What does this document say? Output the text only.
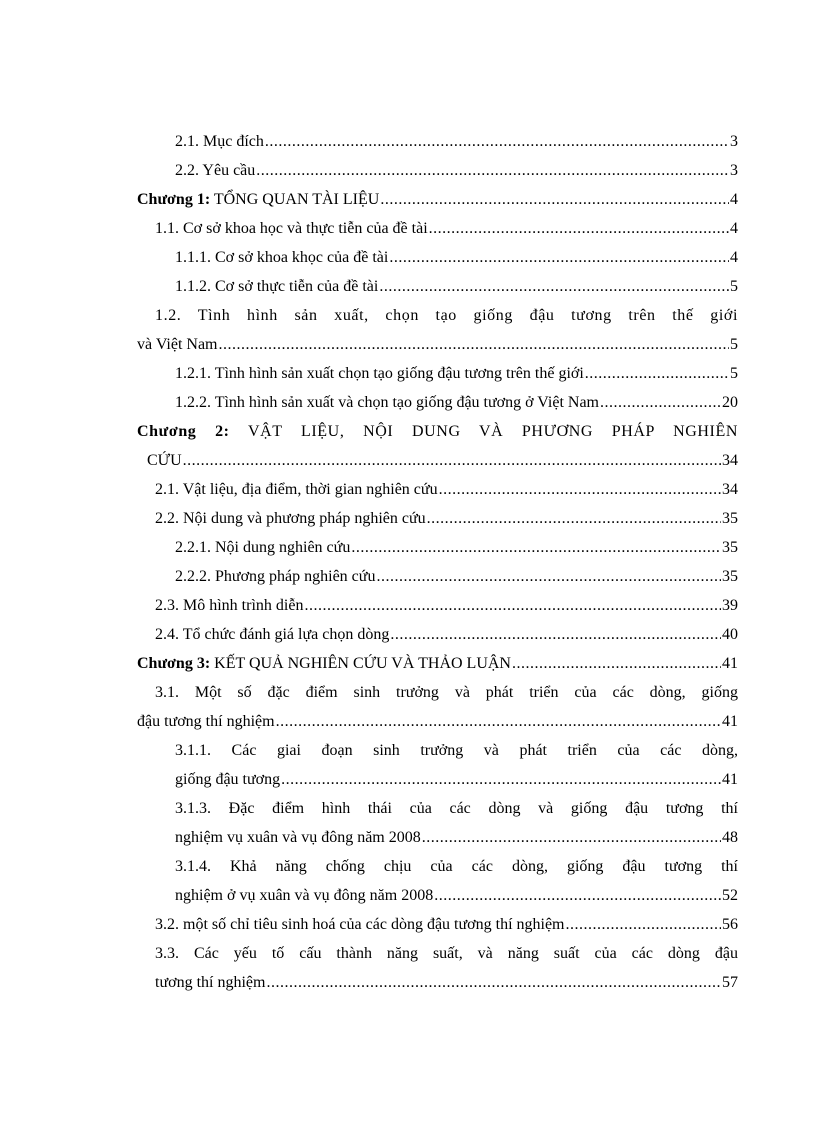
2.1. Mục đích .....	3
2.2. Yêu cầu .....	3
Chương 1: TỔNG QUAN TÀI LIỆU .....	4
1.1. Cơ sở khoa học và thực tiễn của đề tài .....	4
1.1.1. Cơ sở khoa khọc của đề tài .....	4
1.1.2. Cơ sở thực tiễn của đề tài .....	5
1.2. Tình hình sản xuất, chọn tạo giống đậu tương trên thế giới
và Việt Nam .....	5
1.2.1. Tình hình sản xuất chọn tạo giống đậu tương trên thế giới .....	5
1.2.2. Tình hình sản xuất và chọn tạo giống đậu tương ở Việt Nam .....	20
Chương 2: VẬT LIỆU, NỘI DUNG VÀ PHƯƠNG PHÁP NGHIÊN
CỨU .....	34
2.1. Vật liệu, địa điểm, thời gian nghiên cứu .....	34
2.2. Nội dung và phương pháp nghiên cứu .....	35
2.2.1. Nội dung nghiên cứu .....	35
2.2.2. Phương pháp nghiên cứu .....	35
2.3. Mô hình trình diễn .....	39
2.4. Tổ chức đánh giá lựa chọn dòng .....	40
Chương 3: KẾT QUẢ NGHIÊN CỨU VÀ THẢO LUẬN .....	41
3.1. Một số đặc điểm sinh trưởng và phát triển của các dòng, giống
đậu tương thí nghiệm .....	41
3.1.1. Các giai đoạn sinh trưởng và phát triển của các dòng,
giống đậu tương .....	41
3.1.3. Đặc điểm hình thái của các dòng và giống đậu tương thí
nghiệm vụ xuân và vụ đông năm 2008 .....	48
3.1.4. Khả năng chống chịu của các dòng, giống đậu tương thí
nghiệm ở vụ xuân và vụ đông năm 2008 .....	52
3.2. một số chỉ tiêu sinh hoá của các dòng đậu tương thí nghiệm .....	56
3.3. Các yếu tố cấu thành năng suất, và năng suất của các dòng đậu
tương thí nghiệm .....	57
